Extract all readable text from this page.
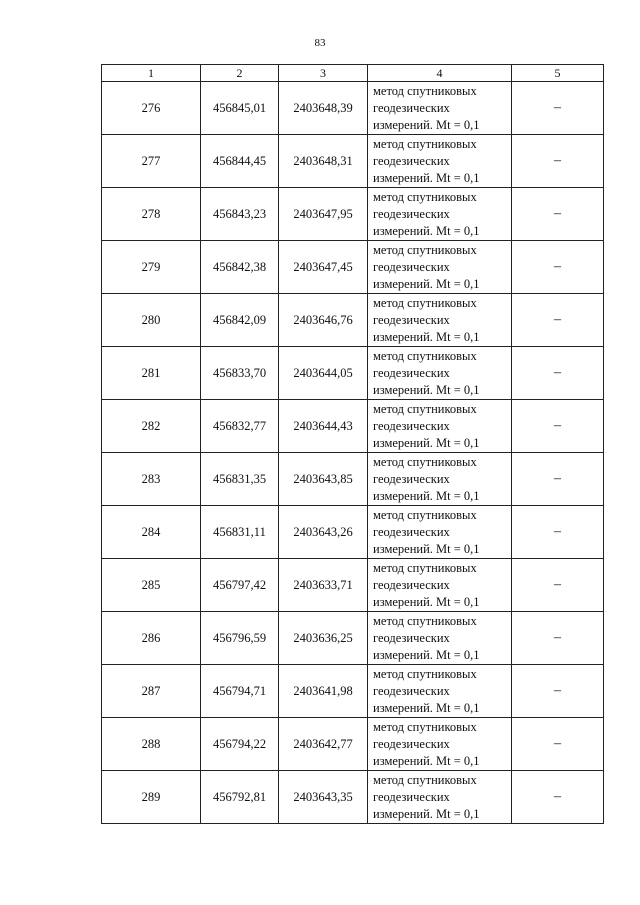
83
1	2	3	4	5
276	456845,01	2403648,39	метод спутниковых
геодезических
измерений. Mt = 0,1	–
277	456844,45	2403648,31	метод спутниковых
геодезических
измерений. Mt = 0,1	–
278	456843,23	2403647,95	метод спутниковых
геодезических
измерений. Mt = 0,1	–
279	456842,38	2403647,45	метод спутниковых
геодезических
измерений. Mt = 0,1	–
280	456842,09	2403646,76	метод спутниковых
геодезических
измерений. Mt = 0,1	–
281	456833,70	2403644,05	метод спутниковых
геодезических
измерений. Mt = 0,1	–
282	456832,77	2403644,43	метод спутниковых
геодезических
измерений. Mt = 0,1	–
283	456831,35	2403643,85	метод спутниковых
геодезических
измерений. Mt = 0,1	–
284	456831,11	2403643,26	метод спутниковых
геодезических
измерений. Mt = 0,1	–
285	456797,42	2403633,71	метод спутниковых
геодезических
измерений. Mt = 0,1	–
286	456796,59	2403636,25	метод спутниковых
геодезических
измерений. Mt = 0,1	–
287	456794,71	2403641,98	метод спутниковых
геодезических
измерений. Mt = 0,1	–
288	456794,22	2403642,77	метод спутниковых
геодезических
измерений. Mt = 0,1	–
289	456792,81	2403643,35	метод спутниковых
геодезических
измерений. Mt = 0,1	–
